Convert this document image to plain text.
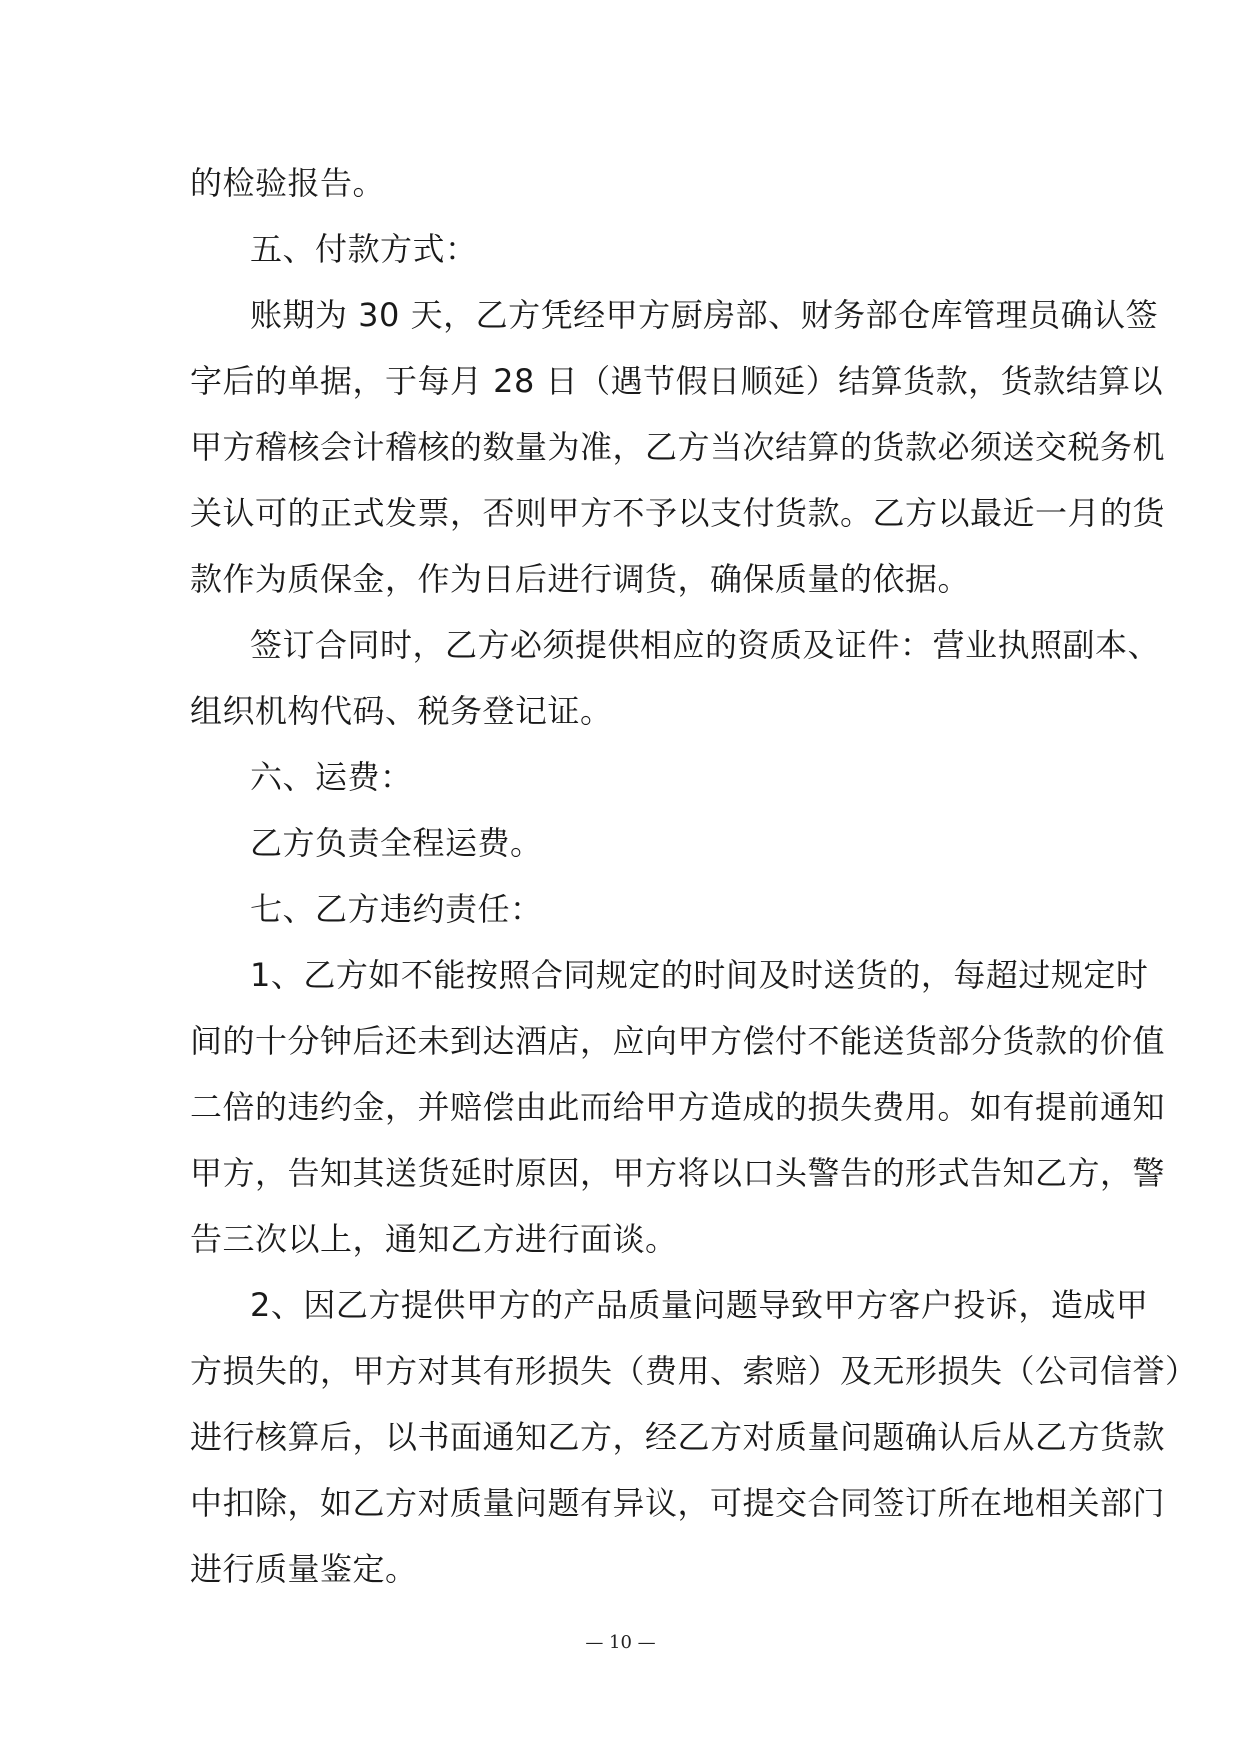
的检验报告。
五、付款方式：
账期为 30 天，乙方凭经甲方厨房部、财务部仓库管理员确认签
字后的单据，于每月 28 日（遇节假日顺延）结算货款，货款结算以
甲方稽核会计稽核的数量为准，乙方当次结算的货款必须送交税务机
关认可的正式发票，否则甲方不予以支付货款。乙方以最近一月的货
款作为质保金，作为日后进行调货，确保质量的依据。
签订合同时，乙方必须提供相应的资质及证件：营业执照副本、
组织机构代码、税务登记证。
六、运费：
乙方负责全程运费。
七、乙方违约责任：
1、乙方如不能按照合同规定的时间及时送货的，每超过规定时
间的十分钟后还未到达酒店，应向甲方偿付不能送货部分货款的价值
二倍的违约金，并赔偿由此而给甲方造成的损失费用。如有提前通知
甲方，告知其送货延时原因，甲方将以口头警告的形式告知乙方，警
告三次以上，通知乙方进行面谈。
2、因乙方提供甲方的产品质量问题导致甲方客户投诉，造成甲
方损失的，甲方对其有形损失（费用、索赔）及无形损失（公司信誉）
进行核算后，以书面通知乙方，经乙方对质量问题确认后从乙方货款
中扣除，如乙方对质量问题有异议，可提交合同签订所在地相关部门
进行质量鉴定。
— 10 —
